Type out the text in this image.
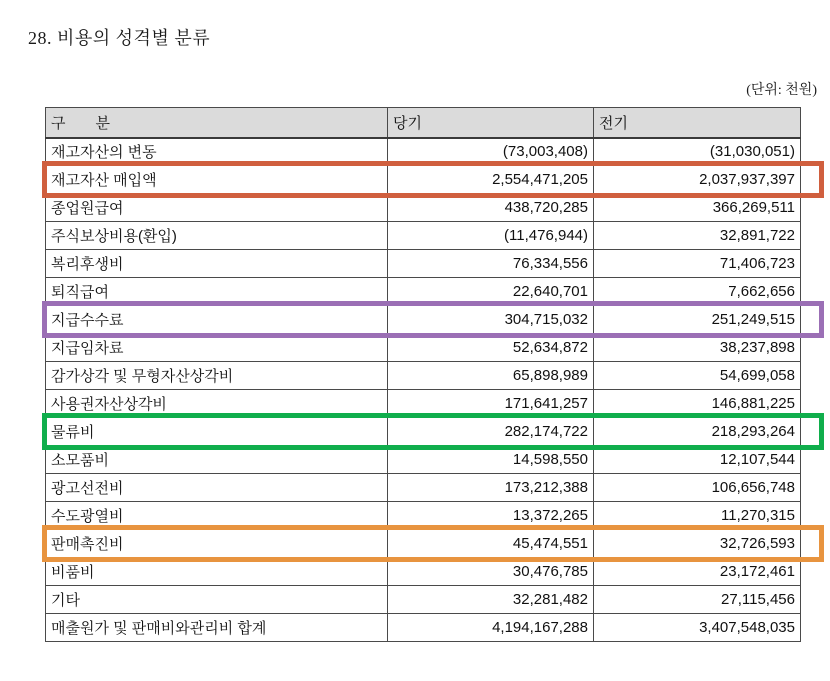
28. 비용의 성격별 분류
(단위: 천원)
구　　분	당기	전기
재고자산의 변동	(73,003,408)	(31,030,051)
재고자산 매입액	2,554,471,205	2,037,937,397
종업원급여	438,720,285	366,269,511
주식보상비용(환입)	(11,476,944)	32,891,722
복리후생비	76,334,556	71,406,723
퇴직급여	22,640,701	7,662,656
지급수수료	304,715,032	251,249,515
지급임차료	52,634,872	38,237,898
감가상각 및 무형자산상각비	65,898,989	54,699,058
사용권자산상각비	171,641,257	146,881,225
물류비	282,174,722	218,293,264
소모품비	14,598,550	12,107,544
광고선전비	173,212,388	106,656,748
수도광열비	13,372,265	11,270,315
판매촉진비	45,474,551	32,726,593
비품비	30,476,785	23,172,461
기타	32,281,482	27,115,456
매출원가 및 판매비와관리비 합계	4,194,167,288	3,407,548,035
